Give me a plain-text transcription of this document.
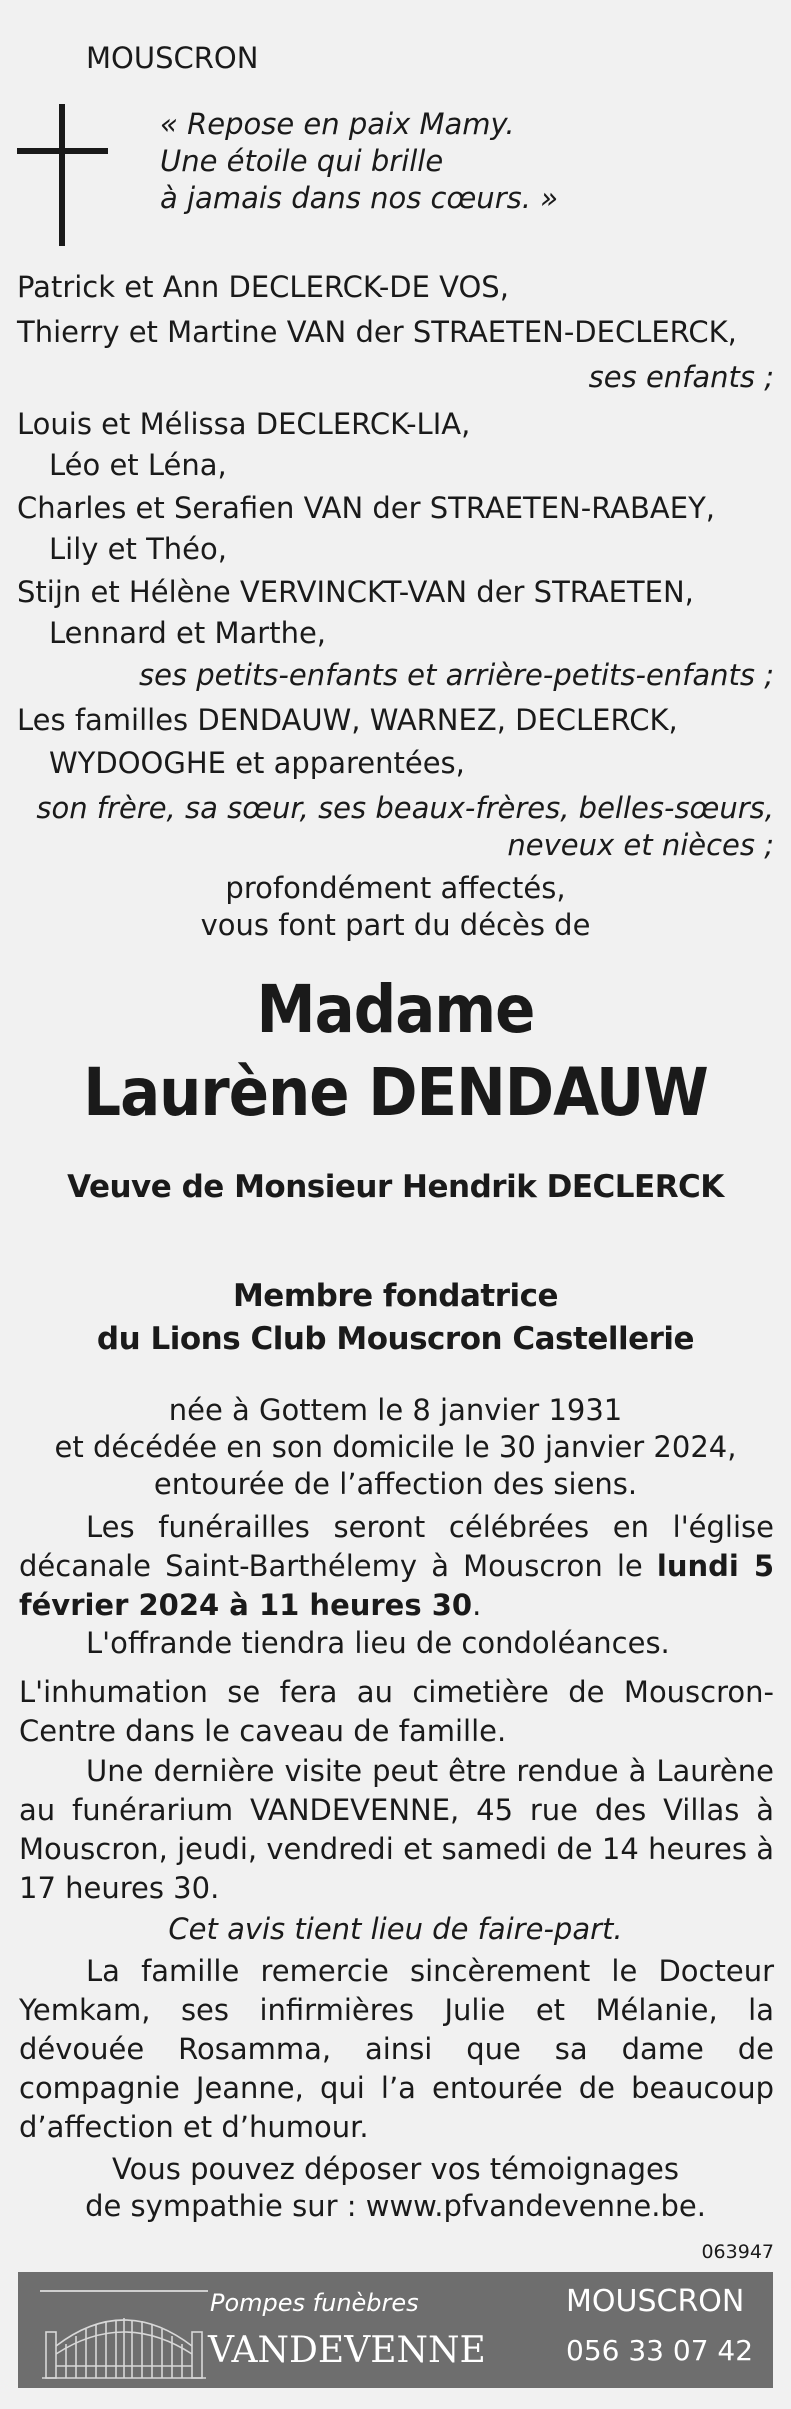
MOUSCRON

« Repose en paix Mamy.

Une étoile qui brille

à jamais dans nos cœurs. »

Patrick et Ann DECLERCK-DE VOS,

Thierry et Martine VAN der STRAETEN-DECLERCK,

ses enfants ;

Louis et Mélissa DECLERCK-LIA,

Léo et Léna,

Charles et Serafien VAN der STRAETEN-RABAEY,

Lily et Théo,

Stijn et Hélène VERVINCKT-VAN der STRAETEN,

Lennard et Marthe,

ses petits-enfants et arrière-petits-enfants ;

Les familles DENDAUW, WARNEZ, DECLERCK,

WYDOOGHE et apparentées,

son frère, sa sœur, ses beaux-frères, belles-sœurs,

neveux et nièces ;

profondément affectés,

vous font part du décès de

Madame

Laurène DENDAUW

Veuve de Monsieur Hendrik DECLERCK

Membre fondatrice

du Lions Club Mouscron Castellerie

née à Gottem le 8 janvier 1931

et décédée en son domicile le 30 janvier 2024,

entourée de l’affection des siens.

Les funérailles seront célébrées en l'église décanale Saint-Barthélemy à Mouscron le lundi 5 février 2024 à 11 heures 30.

L'offrande tiendra lieu de condoléances.

L'inhumation se fera au cimetière de Mouscron-Centre dans le caveau de famille.

Une dernière visite peut être rendue à Laurène au funérarium VANDEVENNE, 45 rue des Villas à Mouscron, jeudi, vendredi et samedi de 14 heures à 17 heures 30.

Cet avis tient lieu de faire-part.

La famille remercie sincèrement le Docteur Yemkam, ses infirmières Julie et Mélanie, la dévouée Rosamma, ainsi que sa dame de compagnie Jeanne, qui l’a entourée de beaucoup d’affection et d’humour.

Vous pouvez déposer vos témoignages

de sympathie sur : www.pfvandevenne.be.

063947

Pompes funèbres

VANDEVENNE

MOUSCRON

056 33 07 42
